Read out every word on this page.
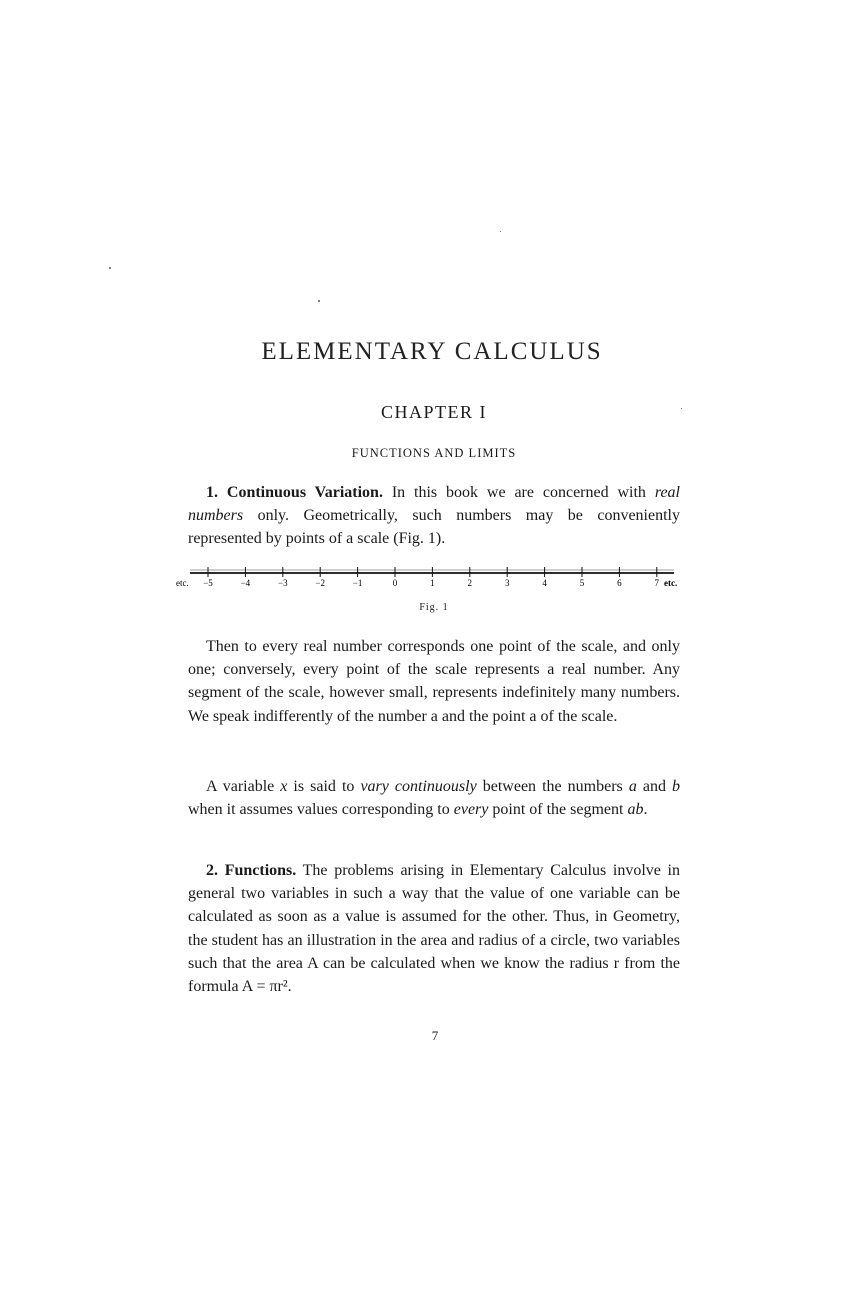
ELEMENTARY CALCULUS
CHAPTER I
FUNCTIONS AND LIMITS

1. Continuous Variation. In this book we are concerned with real numbers only. Geometrically, such numbers may be conveniently represented by points of a scale (Fig. 1).

−5	−4	−3	−2	−1	0	1	2	3	4	5	6	7
etc.	etc.
Fig. 1

Then to every real number corresponds one point of the scale, and only one; conversely, every point of the scale represents a real number. Any segment of the scale, however small, represents indefinitely many numbers. We speak indifferently of the number a and the point a of the scale.

A variable x is said to vary continuously between the numbers a and b when it assumes values corresponding to every point of the segment ab.

2. Functions. The problems arising in Elementary Calculus involve in general two variables in such a way that the value of one variable can be calculated as soon as a value is assumed for the other. Thus, in Geometry, the student has an illustration in the area and radius of a circle, two variables such that the area A can be calculated when we know the radius r from the formula A = πr².

7
